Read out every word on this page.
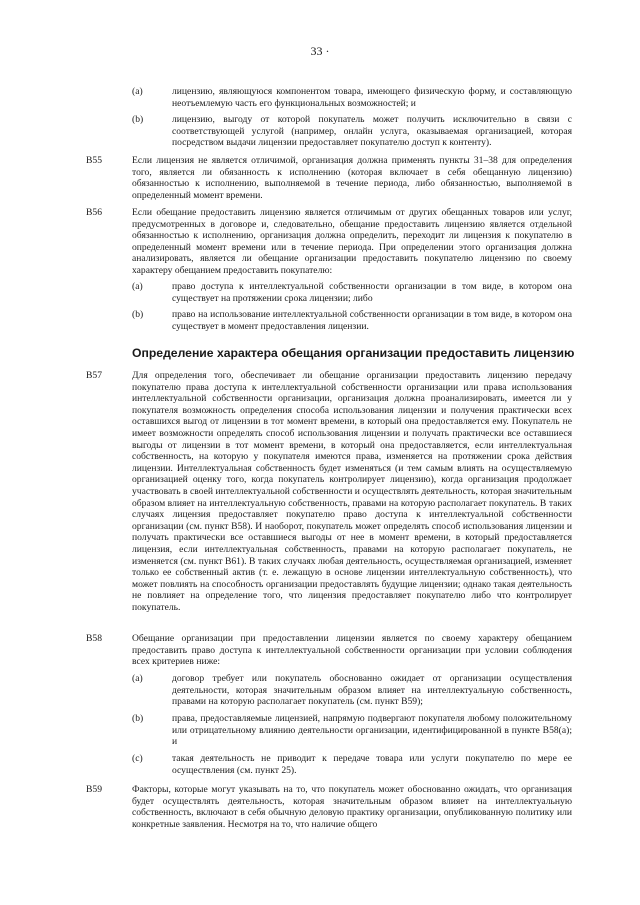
33 ·
(a)	лицензию, являющуюся компонентом товара, имеющего физическую форму, и составляющую неотъемлемую часть его функциональных возможностей; и
(b)	лицензию, выгоду от которой покупатель может получить исключительно в связи с соответствующей услугой (например, онлайн услуга, оказываемая организацией, которая посредством выдачи лицензии предоставляет покупателю доступ к контенту).
B55	Если лицензия не является отличимой, организация должна применять пункты 31–38 для определения того, является ли обязанность к исполнению (которая включает в себя обещанную лицензию) обязанностью к исполнению, выполняемой в течение периода, либо обязанностью, выполняемой в определенный момент времени.
B56	Если обещание предоставить лицензию является отличимым от других обещанных товаров или услуг, предусмотренных в договоре и, следовательно, обещание предоставить лицензию является отдельной обязанностью к исполнению, организация должна определить, переходит ли лицензия к покупателю в определенный момент времени или в течение периода. При определении этого организация должна анализировать, является ли обещание организации предоставить покупателю лицензию по своему характеру обещанием предоставить покупателю:
(a)	право доступа к интеллектуальной собственности организации в том виде, в котором она существует на протяжении срока лицензии; либо
(b)	право на использование интеллектуальной собственности организации в том виде, в котором она существует в момент предоставления лицензии.
Определение характера обещания организации предоставить лицензию
B57	Для определения того, обеспечивает ли обещание организации предоставить лицензию передачу покупателю права доступа к интеллектуальной собственности организации или права использования интеллектуальной собственности организации, организация должна проанализировать, имеется ли у покупателя возможность определения способа использования лицензии и получения практически всех оставшихся выгод от лицензии в тот момент времени, в который она предоставляется ему. Покупатель не имеет возможности определять способ использования лицензии и получать практически все оставшиеся выгоды от лицензии в тот момент времени, в который она предоставляется, если интеллектуальная собственность, на которую у покупателя имеются права, изменяется на протяжении срока действия лицензии. Интеллектуальная собственность будет изменяться (и тем самым влиять на осуществляемую организацией оценку того, когда покупатель контролирует лицензию), когда организация продолжает участвовать в своей интеллектуальной собственности и осуществлять деятельность, которая значительным образом влияет на интеллектуальную собственность, правами на которую располагает покупатель. В таких случаях лицензия предоставляет покупателю право доступа к интеллектуальной собственности организации (см. пункт B58). И наоборот, покупатель может определять способ использования лицензии и получать практически все оставшиеся выгоды от нее в момент времени, в который предоставляется лицензия, если интеллектуальная собственность, правами на которую располагает покупатель, не изменяется (см. пункт B61). В таких случаях любая деятельность, осуществляемая организацией, изменяет только ее собственный актив (т. е. лежащую в основе лицензии интеллектуальную собственность), что может повлиять на способность организации предоставлять будущие лицензии; однако такая деятельность не повлияет на определение того, что лицензия предоставляет покупателю либо что контролирует покупатель.
B58	Обещание организации при предоставлении лицензии является по своему характеру обещанием предоставить право доступа к интеллектуальной собственности организации при условии соблюдения всех критериев ниже:
(a)	договор требует или покупатель обоснованно ожидает от организации осуществления деятельности, которая значительным образом влияет на интеллектуальную собственность, правами на которую располагает покупатель (см. пункт B59);
(b)	права, предоставляемые лицензией, напрямую подвергают покупателя любому положительному или отрицательному влиянию деятельности организации, идентифицированной в пункте B58(a); и
(c)	такая деятельность не приводит к передаче товара или услуги покупателю по мере ее осуществления (см. пункт 25).
B59	Факторы, которые могут указывать на то, что покупатель может обоснованно ожидать, что организация будет осуществлять деятельность, которая значительным образом влияет на интеллектуальную собственность, включают в себя обычную деловую практику организации, опубликованную политику или конкретные заявления. Несмотря на то, что наличие общего
